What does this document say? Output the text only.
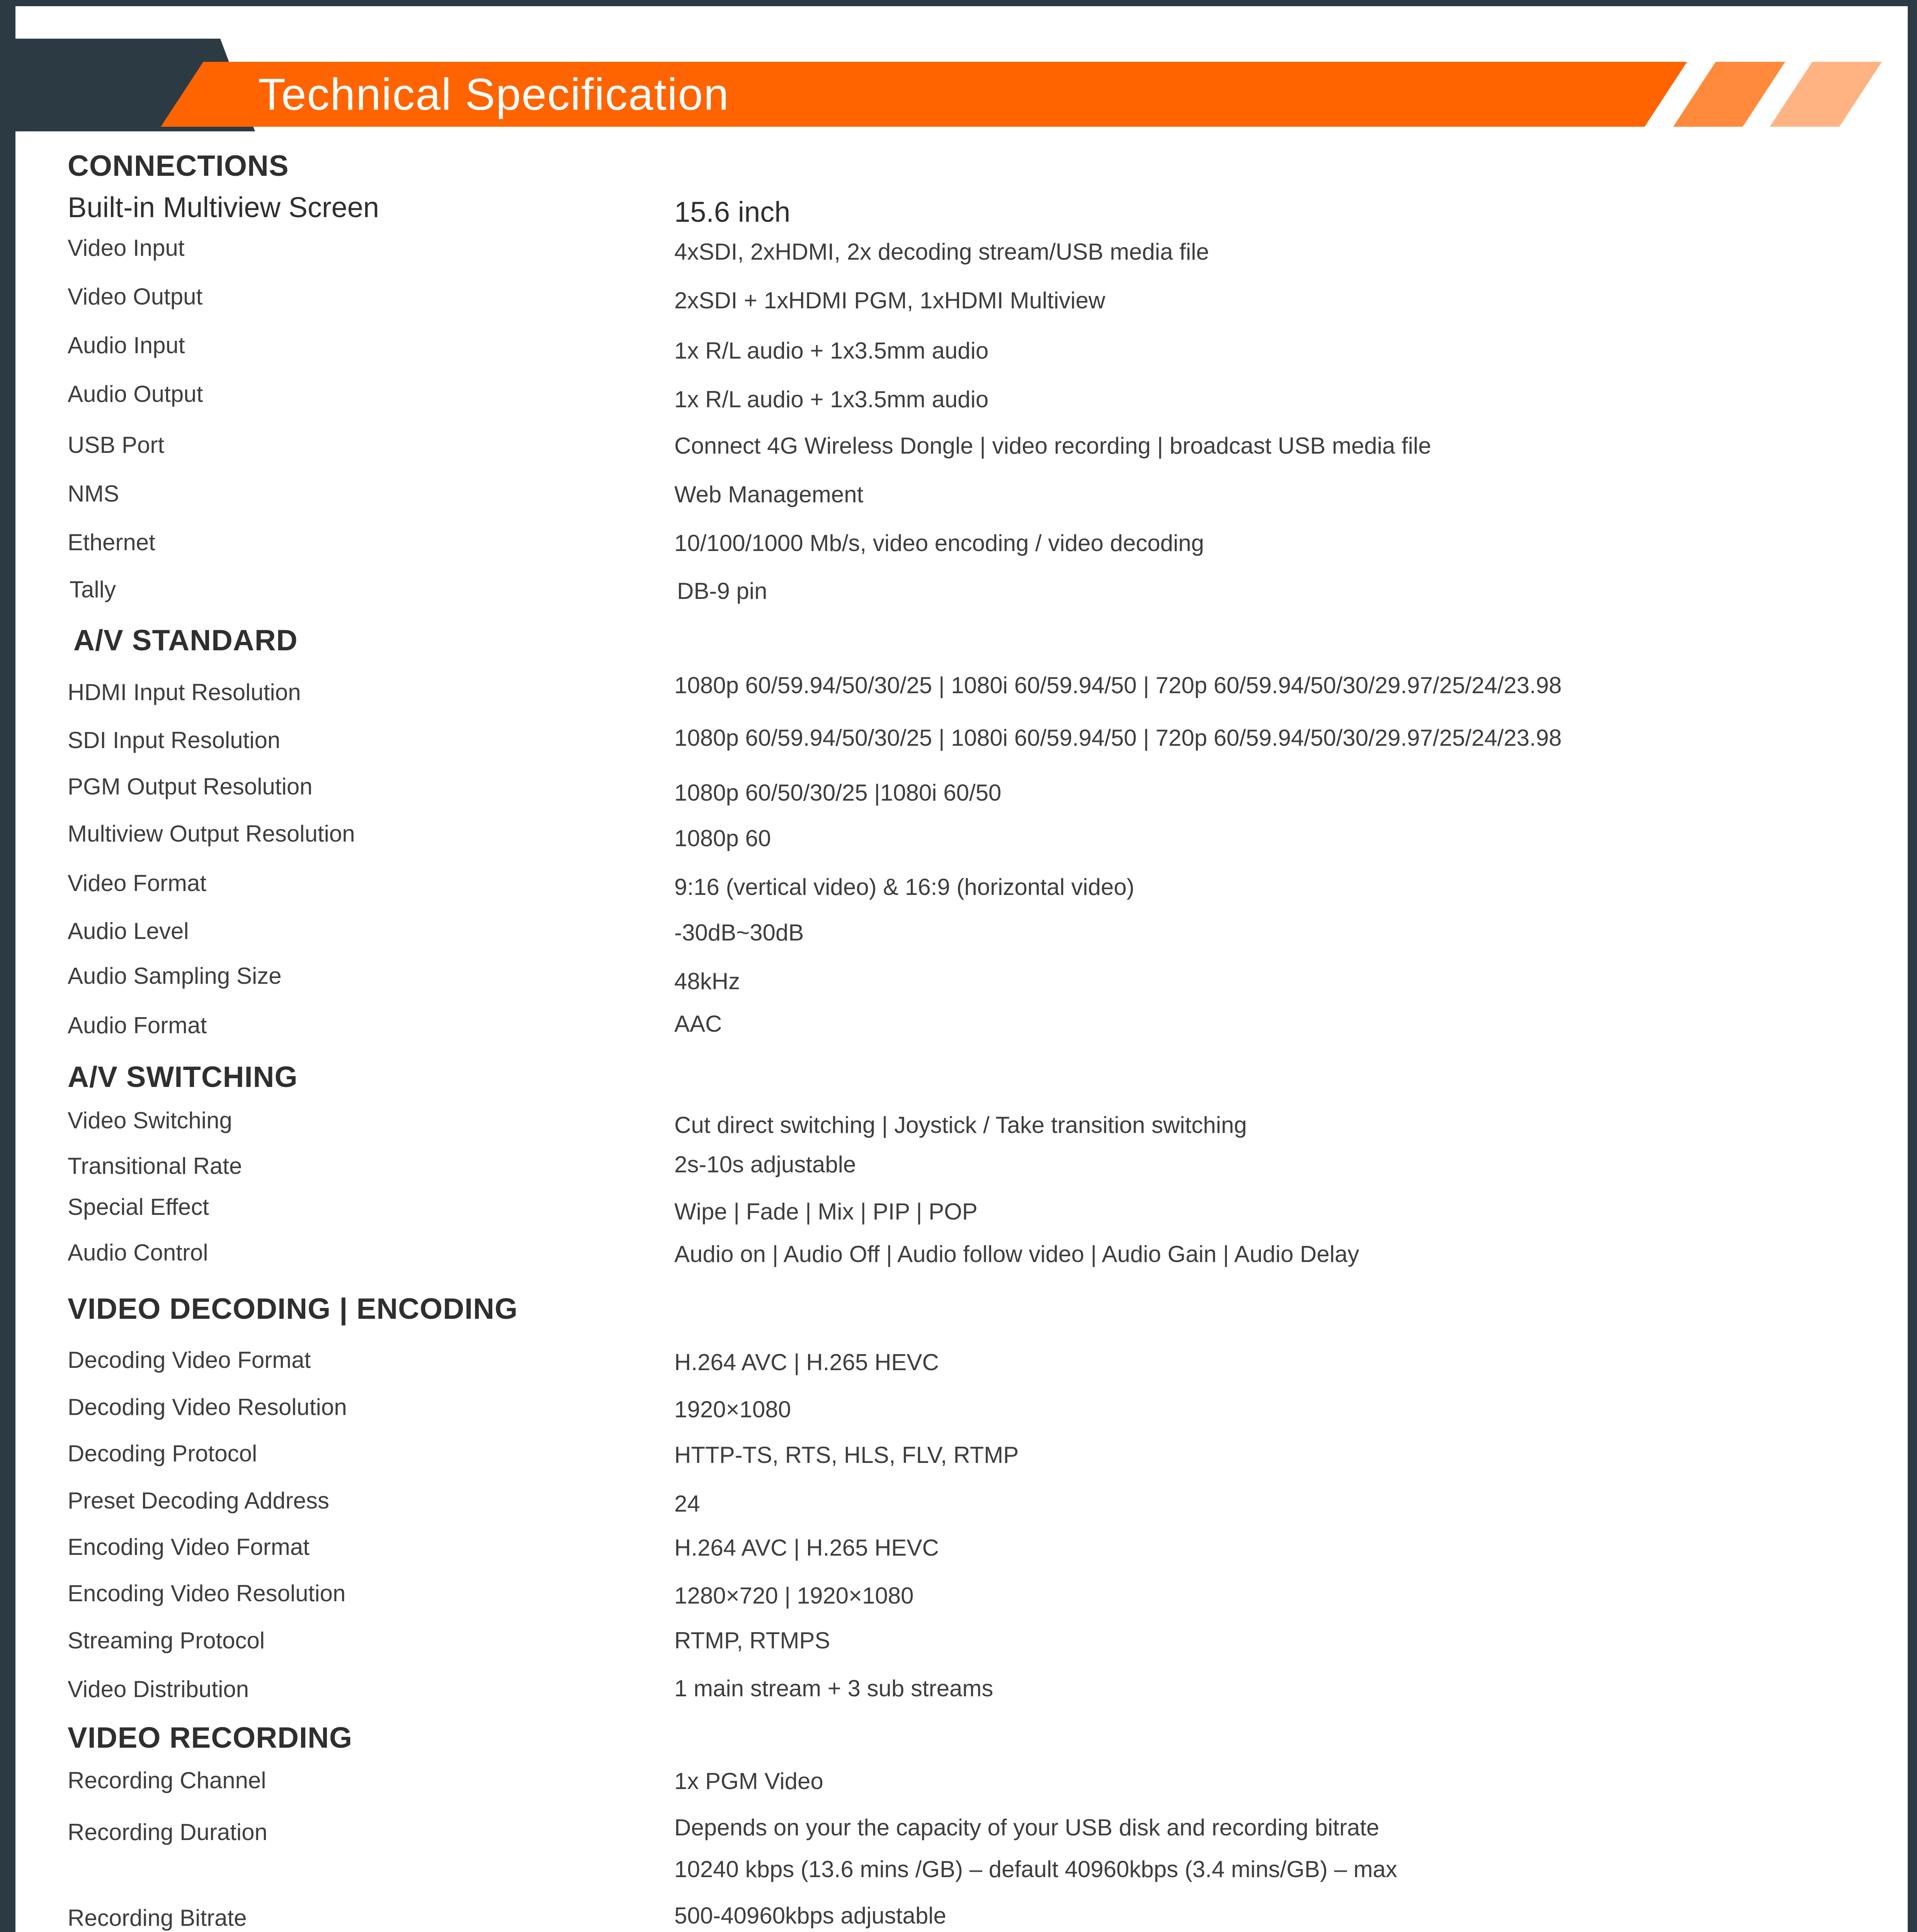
Technical Specification
CONNECTIONS
Built-in Multiview Screen	15.6 inch
Video Input	4xSDI, 2xHDMI, 2x decoding stream/USB media file
Video Output	2xSDI + 1xHDMI PGM, 1xHDMI Multiview
Audio Input	1x R/L audio + 1x3.5mm audio
Audio Output	1x R/L audio + 1x3.5mm audio
USB Port	Connect 4G Wireless Dongle | video recording | broadcast USB media file
NMS	Web Management
Ethernet	10/100/1000 Mb/s, video encoding / video decoding
Tally	DB-9 pin
A/V STANDARD
HDMI Input Resolution	1080p 60/59.94/50/30/25 | 1080i 60/59.94/50 | 720p 60/59.94/50/30/29.97/25/24/23.98
SDI Input Resolution	1080p 60/59.94/50/30/25 | 1080i 60/59.94/50 | 720p 60/59.94/50/30/29.97/25/24/23.98
PGM Output Resolution	1080p 60/50/30/25 |1080i 60/50
Multiview Output Resolution	1080p 60
Video Format	9:16 (vertical video) & 16:9 (horizontal video)
Audio Level	-30dB~30dB
Audio Sampling Size	48kHz
Audio Format	AAC
A/V SWITCHING
Video Switching	Cut direct switching | Joystick / Take transition switching
Transitional Rate	2s-10s adjustable
Special Effect	Wipe | Fade | Mix | PIP | POP
Audio Control	Audio on | Audio Off | Audio follow video | Audio Gain | Audio Delay
VIDEO DECODING | ENCODING
Decoding Video Format	H.264 AVC | H.265 HEVC
Decoding Video Resolution	1920×1080
Decoding Protocol	HTTP-TS, RTS, HLS, FLV, RTMP
Preset Decoding Address	24
Encoding Video Format	H.264 AVC | H.265 HEVC
Encoding Video Resolution	1280×720 | 1920×1080
Streaming Protocol	RTMP, RTMPS
Video Distribution	1 main stream + 3 sub streams
VIDEO RECORDING
Recording Channel	1x PGM Video
Recording Duration	Depends on your the capacity of your USB disk and recording bitrate
10240 kbps (13.6 mins /GB) – default 40960kbps (3.4 mins/GB) – max
Recording Bitrate	500-40960kbps adjustable
